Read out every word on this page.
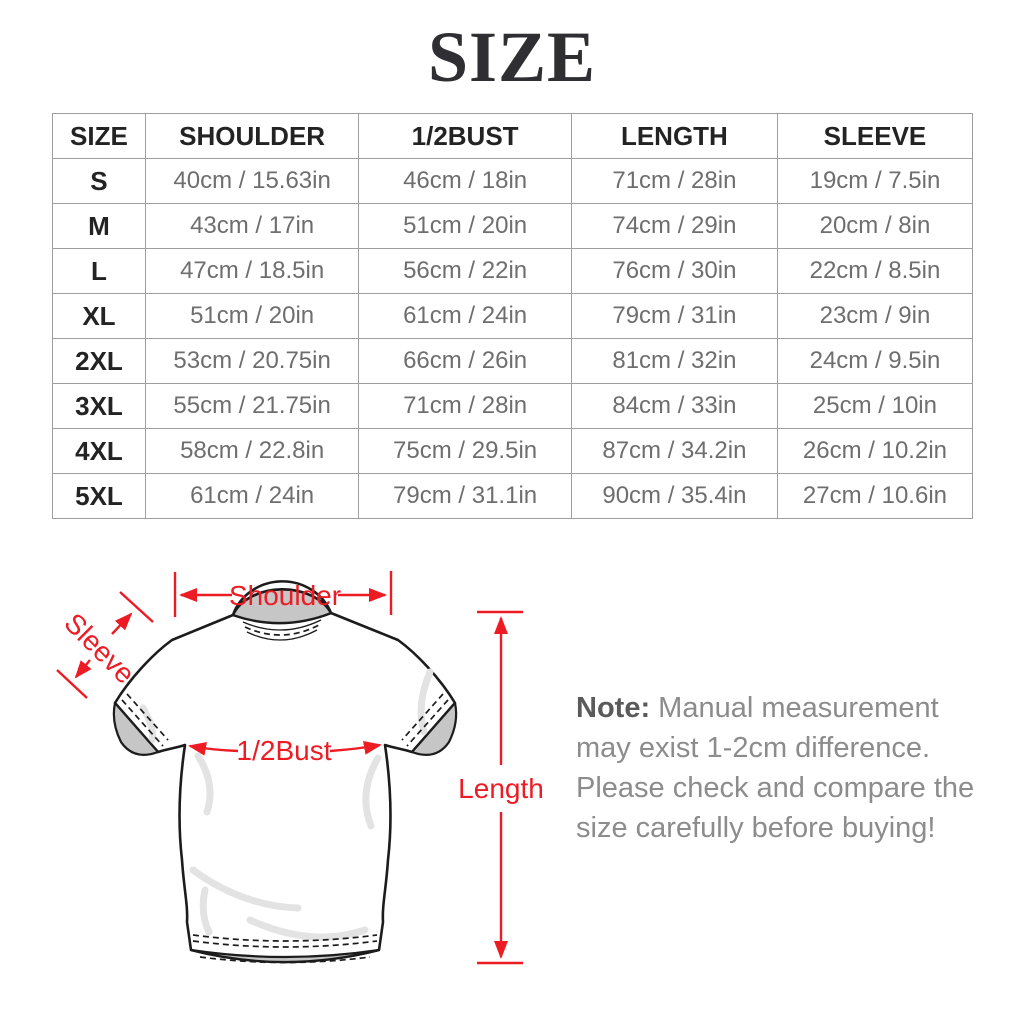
SIZE
SIZE	SHOULDER	1/2BUST	LENGTH	SLEEVE
S	40cm / 15.63in	46cm / 18in	71cm / 28in	19cm / 7.5in
M	43cm / 17in	51cm / 20in	74cm / 29in	20cm / 8in
L	47cm / 18.5in	56cm / 22in	76cm / 30in	22cm / 8.5in
XL	51cm / 20in	61cm / 24in	79cm / 31in	23cm / 9in
2XL	53cm / 20.75in	66cm / 26in	81cm / 32in	24cm / 9.5in
3XL	55cm / 21.75in	71cm / 28in	84cm / 33in	25cm / 10in
4XL	58cm / 22.8in	75cm / 29.5in	87cm / 34.2in	26cm / 10.2in
5XL	61cm / 24in	79cm / 31.1in	90cm / 35.4in	27cm / 10.6in
Shoulder
Sleeve
1/2Bust
Length
Note: Manual measurement may exist 1-2cm difference. Please check and compare the size carefully before buying!
